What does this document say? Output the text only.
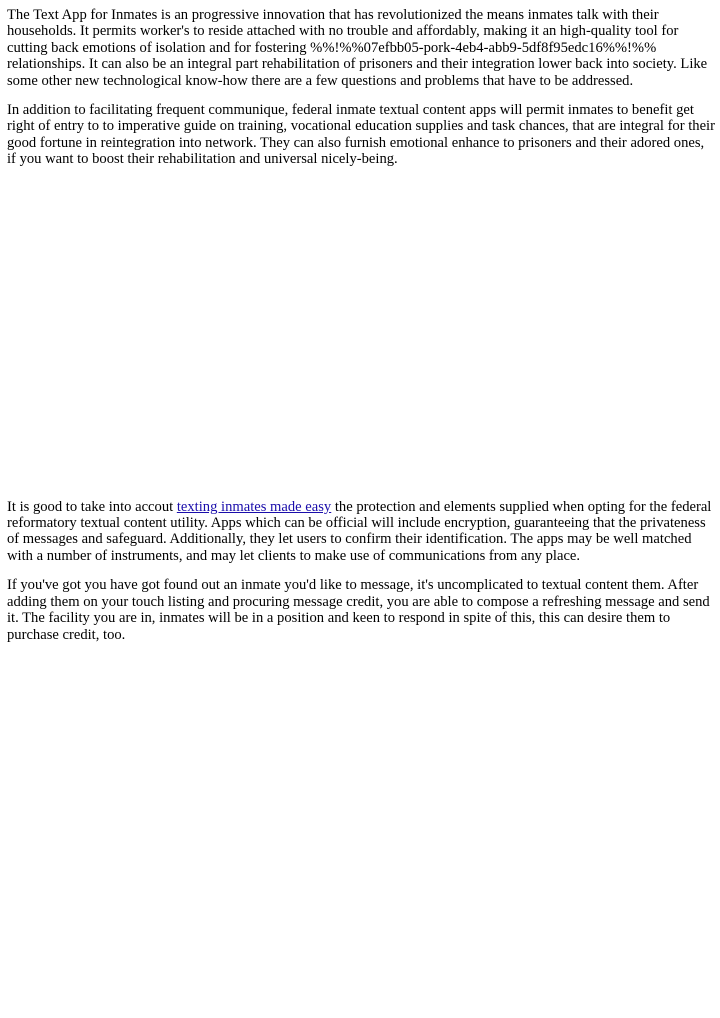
The Text App for Inmates is an progressive innovation that has revolutionized the means inmates talk with their households. It permits worker's to reside attached with no trouble and affordably, making it an high-quality tool for cutting back emotions of isolation and for fostering %%!%%07efbb05-pork-4eb4-abb9-5df8f95edc16%%!%% relationships. It can also be an integral part rehabilitation of prisoners and their integration lower back into society. Like some other new technological know-how there are a few questions and problems that have to be addressed.

In addition to facilitating frequent communique, federal inmate textual content apps will permit inmates to benefit get right of entry to to imperative guide on training, vocational education supplies and task chances, that are integral for their good fortune in reintegration into network. They can also furnish emotional enhance to prisoners and their adored ones, if you want to boost their rehabilitation and universal nicely-being.

It is good to take into accout texting inmates made easy the protection and elements supplied when opting for the federal reformatory textual content utility. Apps which can be official will include encryption, guaranteeing that the privateness of messages and safeguard. Additionally, they let users to confirm their identification. The apps may be well matched with a number of instruments, and may let clients to make use of communications from any place.

If you've got you have got found out an inmate you'd like to message, it's uncomplicated to textual content them. After adding them on your touch listing and procuring message credit, you are able to compose a refreshing message and send it. The facility you are in, inmates will be in a position and keen to respond in spite of this, this can desire them to purchase credit, too.
